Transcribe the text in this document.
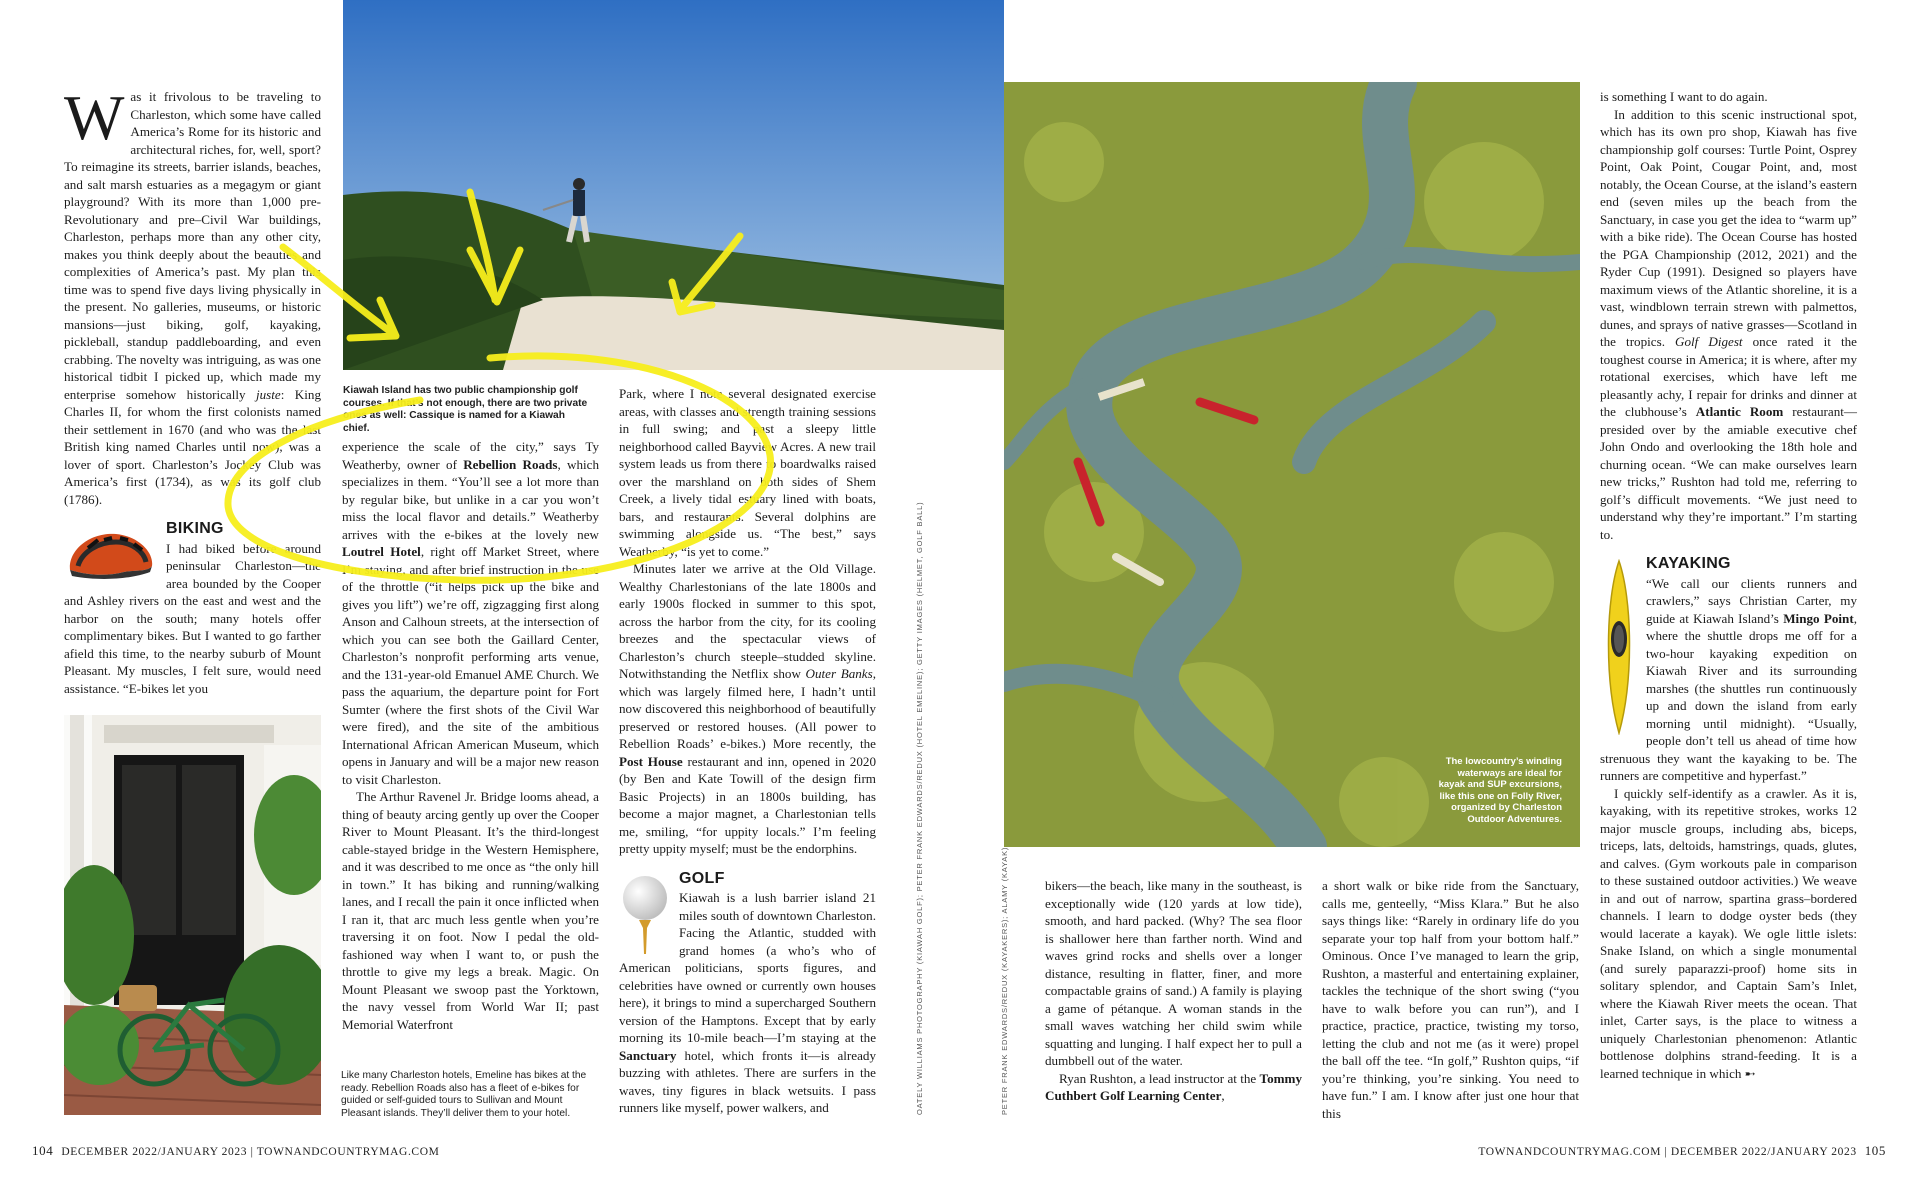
Was it frivolous to be traveling to Charleston, which some have called America’s Rome for its historic and architectural riches, for, well, sport? To reimagine its streets, barrier islands, beaches, and salt marsh estuaries as a megagym or giant playground? With its more than 1,000 pre-Revolutionary and pre–Civil War buildings, Charleston, perhaps more than any other city, makes you think deeply about the beauties and complexities of America’s past. My plan this time was to spend five days living physically in the present. No galleries, museums, or historic mansions—just biking, golf, kayaking, pickleball, standup paddleboarding, and even crabbing. The novelty was intriguing, as was one historical tidbit I picked up, which made my enterprise somehow historically juste: King Charles II, for whom the first colonists named their settlement in 1670 (and who was the last British king named Charles until now), was a lover of sport. Charleston’s Jockey Club was America’s first (1734), as was its golf club (1786).

BIKING

I had biked before around peninsular Charleston—the area bounded by the Cooper and Ashley rivers on the east and west and the harbor on the south; many hotels offer complimentary bikes. But I wanted to go farther afield this time, to the nearby suburb of Mount Pleasant. My muscles, I felt sure, would need assistance. “E-bikes let you

Like many Charleston hotels, Emeline has bikes at the ready. Rebellion Roads also has a fleet of e-bikes for guided or self-guided tours to Sullivan and Mount Pleasant islands. They’ll deliver them to your hotel.
Kiawah Island has two public championship golf courses. If that’s not enough, there are two private ones as well: Cassique is named for a Kiawah chief.

experience the scale of the city,” says Ty Weatherby, owner of Rebellion Roads, which specializes in them. “You’ll see a lot more than by regular bike, but unlike in a car you won’t miss the local flavor and details.” Weatherby arrives with the e-bikes at the lovely new Loutrel Hotel, right off Market Street, where I’m staying, and after brief instruction in the use of the throttle (“it helps pick up the bike and gives you lift”) we’re off, zigzagging first along Anson and Calhoun streets, at the intersection of which you can see both the Gaillard Center, Charleston’s nonprofit performing arts venue, and the 131-year-old Emanuel AME Church. We pass the aquarium, the departure point for Fort Sumter (where the first shots of the Civil War were fired), and the site of the ambitious International African American Museum, which opens in January and will be a major new reason to visit Charleston.

The Arthur Ravenel Jr. Bridge looms ahead, a thing of beauty arcing gently up over the Cooper River to Mount Pleasant. It’s the third-longest cable-stayed bridge in the Western Hemisphere, and it was described to me once as “the only hill in town.” It has biking and running/walking lanes, and I recall the pain it once inflicted when I ran it, that arc much less gentle when you’re traversing it on foot. Now I pedal the old-fashioned way when I want to, or push the throttle to give my legs a break. Magic. On Mount Pleasant we swoop past the Yorktown, the navy vessel from World War II; past Memorial Waterfront

Park, where I note several designated exercise areas, with classes and strength training sessions in full swing; and past a sleepy little neighborhood called Bayview Acres. A new trail system leads us from there to boardwalks raised over the marshland on both sides of Shem Creek, a lively tidal estuary lined with boats, bars, and restaurants. Several dolphins are swimming alongside us. “The best,” says Weatherby, “is yet to come.”

Minutes later we arrive at the Old Village. Wealthy Charlestonians of the late 1800s and early 1900s flocked in summer to this spot, across the harbor from the city, for its cooling breezes and the spectacular views of Charleston’s church steeple–studded skyline. Notwithstanding the Netflix show Outer Banks, which was largely filmed here, I hadn’t until now discovered this neighborhood of beautifully preserved or restored houses. (All power to Rebellion Roads’ e-bikes.) More recently, the Post House restaurant and inn, opened in 2020 (by Ben and Kate Towill of the design firm Basic Projects) in an 1800s building, has become a major magnet, a Charlestonian tells me, smiling, “for uppity locals.” I’m feeling pretty uppity myself; must be the endorphins.

GOLF

Kiawah is a lush barrier island 21 miles south of downtown Charleston. Facing the Atlantic, studded with grand homes (a who’s who of American politicians, sports figures, and celebrities have owned or currently own houses here), it brings to mind a supercharged Southern version of the Hamptons. Except that by early morning its 10-mile beach—I’m staying at the Sanctuary hotel, which fronts it—is already buzzing with athletes. There are surfers in the waves, tiny figures in black wetsuits. I pass runners like myself, power walkers, and	OATELY WILLIAMS PHOTOGRAPHY (KIAWAH GOLF); PETER FRANK EDWARDS/REDUX (HOTEL EMELINE); GETTY IMAGES (HELMET, GOLF BALL)
104 DECEMBER 2022/JANUARY 2023 | TOWNANDCOUNTRYMAG.COM
The lowcountry’s winding waterways are ideal for kayak and SUP excursions, like this one on Folly River, organized by Charleston Outdoor Adventures.
PETER FRANK EDWARDS/REDUX (KAYAKERS); ALAMY (KAYAK)	bikers—the beach, like many in the southeast, is exceptionally wide (120 yards at low tide), smooth, and hard packed. (Why? The sea floor is shallower here than farther north. Wind and waves grind rocks and shells over a longer distance, resulting in flatter, finer, and more compactable grains of sand.) A family is playing a game of pétanque. A woman stands in the small waves watching her child swim while squatting and lunging. I half expect her to pull a dumbbell out of the water.

Ryan Rushton, a lead instructor at the Tommy Cuthbert Golf Learning Center,

a short walk or bike ride from the Sanctuary, calls me, genteelly, “Miss Klara.” But he also says things like: “Rarely in ordinary life do you separate your top half from your bottom half.” Ominous. Once I’ve managed to learn the grip, Rushton, a masterful and entertaining explainer, tackles the technique of the short swing (“you have to walk before you can run”), and I practice, practice, practice, twisting my torso, letting the club and not me (as it were) propel the ball off the tee. “In golf,” Rushton quips, “if you’re thinking, you’re sinking. You need to have fun.” I am. I know after just one hour that this

is something I want to do again.

In addition to this scenic instructional spot, which has its own pro shop, Kiawah has five championship golf courses: Turtle Point, Osprey Point, Oak Point, Cougar Point, and, most notably, the Ocean Course, at the island’s eastern end (seven miles up the beach from the Sanctuary, in case you get the idea to “warm up” with a bike ride). The Ocean Course has hosted the PGA Championship (2012, 2021) and the Ryder Cup (1991). Designed so players have maximum views of the Atlantic shoreline, it is a vast, windblown terrain strewn with palmettos, dunes, and sprays of native grasses—Scotland in the tropics. Golf Digest once rated it the toughest course in America; it is where, after my rotational exercises, which have left me pleasantly achy, I repair for drinks and dinner at the clubhouse’s Atlantic Room restaurant—presided over by the amiable executive chef John Ondo and overlooking the 18th hole and churning ocean. “We can make ourselves learn new tricks,” Rushton had told me, referring to golf’s difficult movements. “We just need to understand why they’re important.” I’m starting to.

KAYAKING

“We call our clients runners and crawlers,” says Christian Carter, my guide at Kiawah Island’s Mingo Point, where the shuttle drops me off for a two-hour kayaking expedition on Kiawah River and its surrounding marshes (the shuttles run continuously up and down the island from early morning until midnight). “Usually, people don’t tell us ahead of time how strenuous they want the kayaking to be. The runners are competitive and hyperfast.”

I quickly self-identify as a crawler. As it is, kayaking, with its repetitive strokes, works 12 major muscle groups, including abs, biceps, triceps, lats, deltoids, hamstrings, quads, glutes, and calves. (Gym workouts pale in comparison to these sustained outdoor activities.) We weave in and out of narrow, spartina grass–bordered channels. I learn to dodge oyster beds (they would lacerate a kayak). We ogle little islets: Snake Island, on which a single monumental (and surely paparazzi-proof) home sits in solitary splendor, and Captain Sam’s Inlet, where the Kiawah River meets the ocean. That inlet, Carter says, is the place to witness a uniquely Charlestonian phenomenon: Atlantic bottlenose dolphins strand-feeding. It is a learned technique in which ➸

TOWNANDCOUNTRYMAG.COM | DECEMBER 2022/JANUARY 2023 105
